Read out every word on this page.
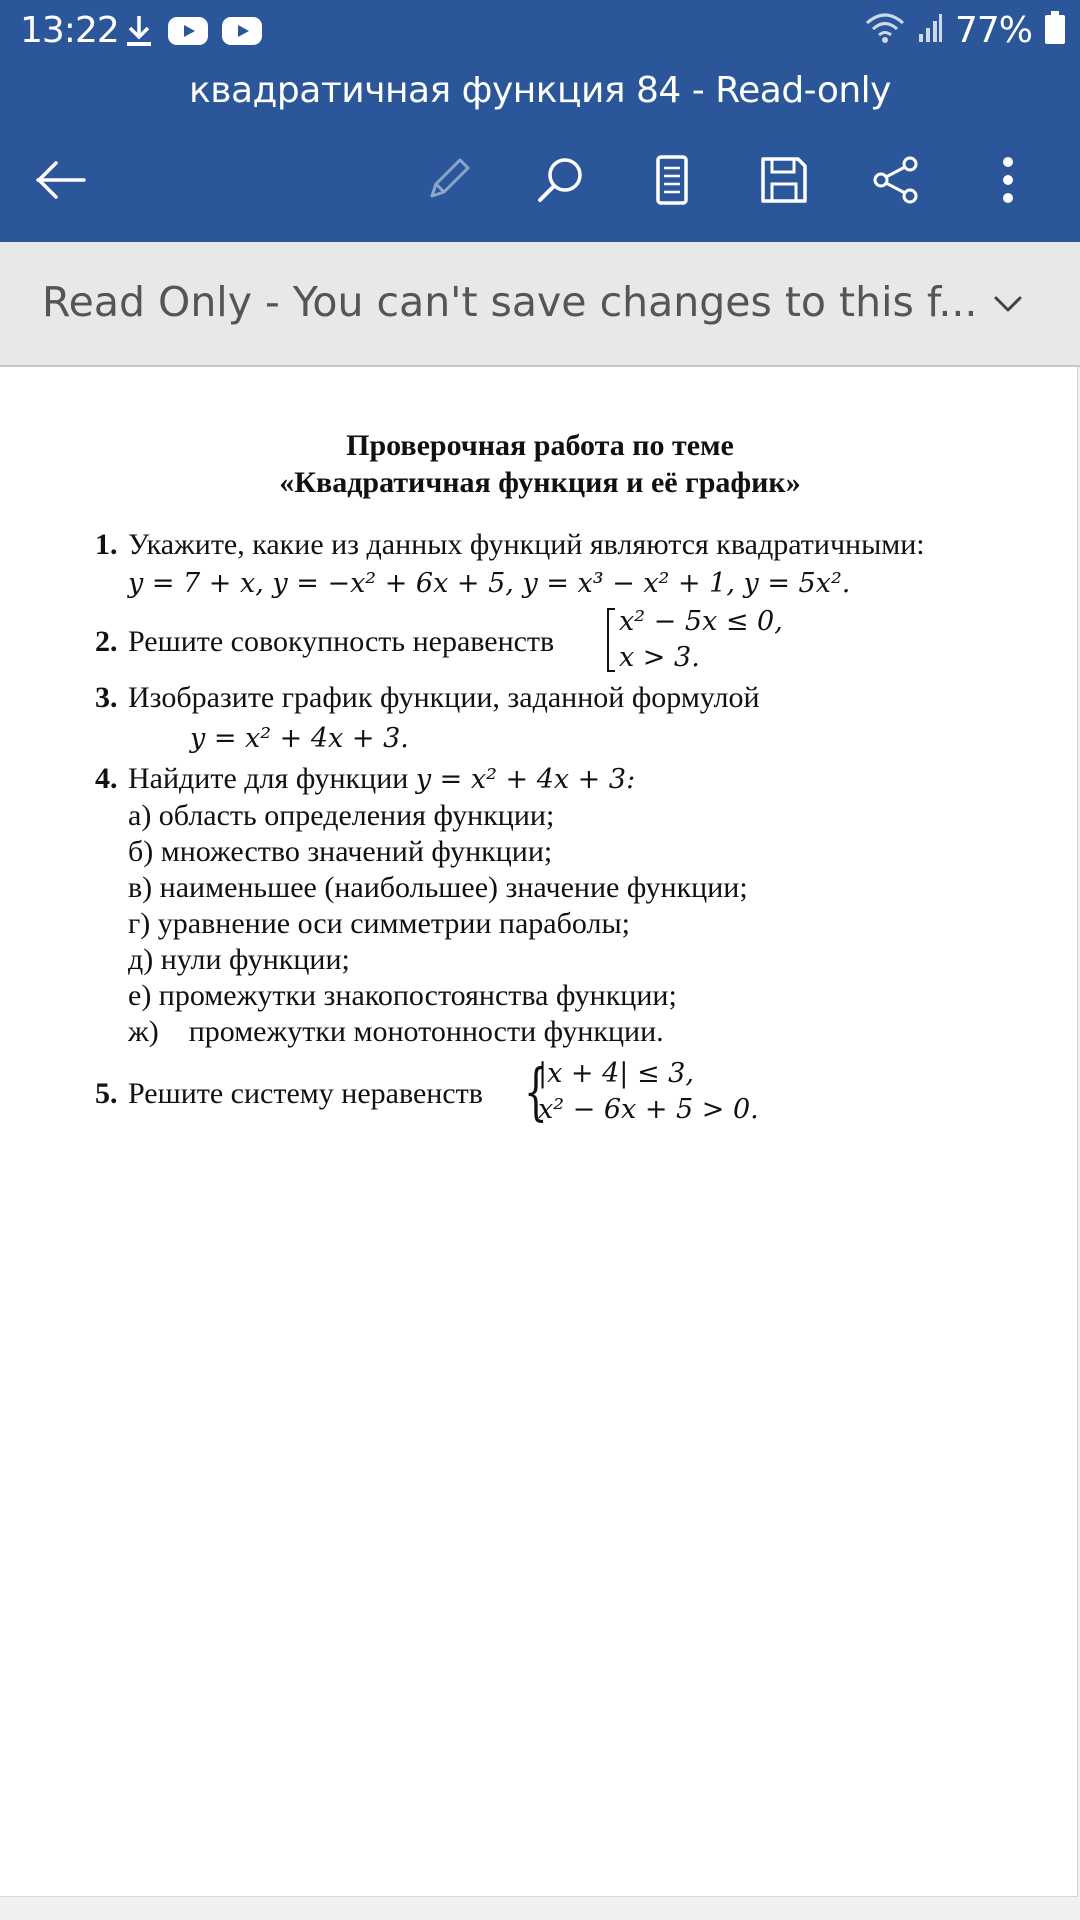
13:22	77%
квадратичная функция 84 - Read-only
Read Only - You can't save changes to this f...
Проверочная работа по теме
«Квадратичная функция и её график»
1. Укажите, какие из данных функций являются квадратичными:
y = 7 + x, y = −x² + 6x + 5, y = x³ − x² + 1, y = 5x².
2. Решите совокупность неравенств
x² − 5x ≤ 0,
x > 3.
3. Изобразите график функции, заданной формулой
y = x² + 4x + 3.
4. Найдите для функции y = x² + 4x + 3:
а) область определения функции;
б) множество значений функции;
в) наименьшее (наибольшее) значение функции;
г) уравнение оси симметрии параболы;
д) нули функции;
е) промежутки знакопостоянства функции;
ж)    промежутки монотонности функции.
5. Решите систему неравенств {
|x + 4| ≤ 3,
x² − 6x + 5 > 0.
